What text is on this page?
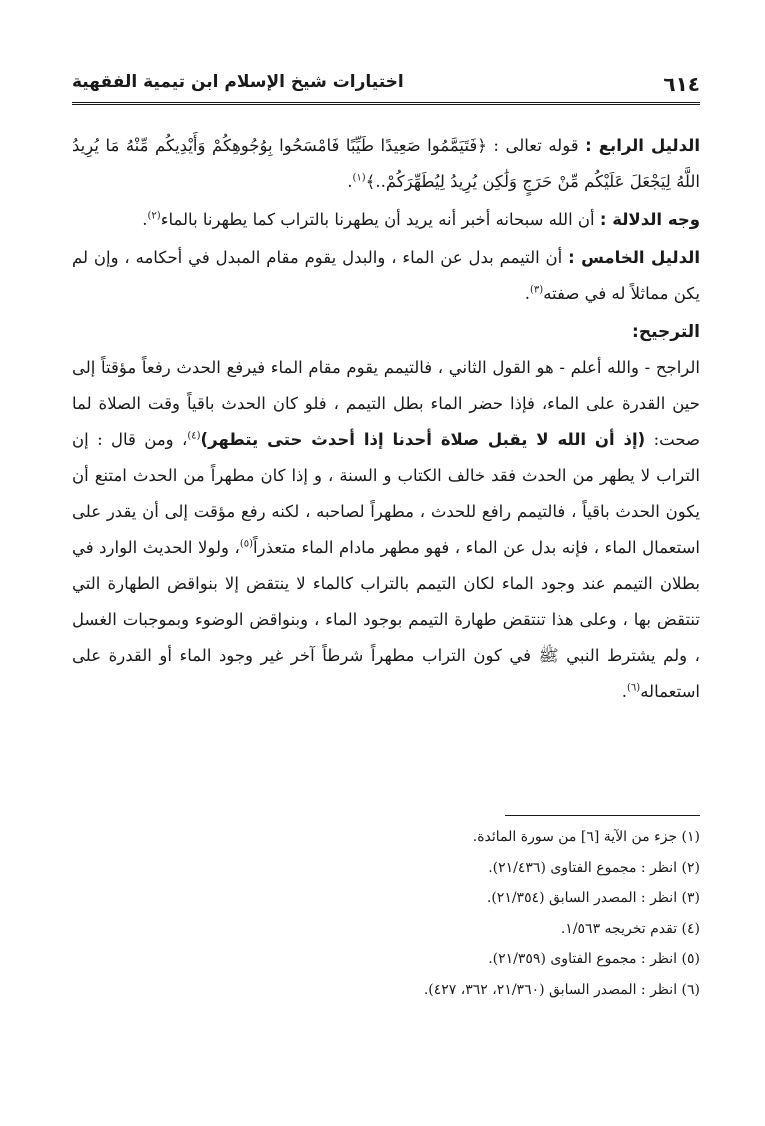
٦١٤
اختيارات شيخ الإسلام ابن تيمية الفقهية

الدليل الرابع : قوله تعالى : ﴿فَتَيَمَّمُوا صَعِيدًا طَيِّبًا فَامْسَحُوا بِوُجُوهِكُمْ وَأَيْدِيكُم مِّنْهُ مَا يُرِيدُ اللَّهُ لِيَجْعَلَ عَلَيْكُم مِّنْ حَرَجٍ وَلَٰكِن يُرِيدُ لِيُطَهِّرَكُمْ..﴾$^{(١)}$.

وجه الدلالة : أن الله سبحانه أخبر أنه يريد أن يطهرنا بالتراب كما يطهرنا بالماء$^{(٢)}$.

الدليل الخامس : أن التيمم بدل عن الماء ، والبدل يقوم مقام المبدل في أحكامه ، وإن لم يكن مماثلاً له في صفته$^{(٣)}$.

الترجيح:

الراجح - والله أعلم - هو القول الثاني ، فالتيمم يقوم مقام الماء فيرفع الحدث رفعاً مؤقتاً إلى حين القدرة على الماء، فإذا حضر الماء بطل التيمم ، فلو كان الحدث باقياً وقت الصلاة لما صحت: (إذ أن الله لا يقبل صلاة أحدنا إذا أحدث حتى يتطهر)$^{(٤)}$، ومن قال : إن التراب لا يطهر من الحدث فقد خالف الكتاب و السنة ، و إذا كان مطهراً من الحدث امتنع أن يكون الحدث باقياً ، فالتيمم رافع للحدث ، مطهراً لصاحبه ، لكنه رفع مؤقت إلى أن يقدر على استعمال الماء ، فإنه بدل عن الماء ، فهو مطهر مادام الماء متعذراً$^{(٥)}$، ولولا الحديث الوارد في بطلان التيمم عند وجود الماء لكان التيمم بالتراب كالماء لا ينتقض إلا بنواقض الطهارة التي تنتقض بها ، وعلى هذا تنتقض طهارة التيمم بوجود الماء ، وبنواقض الوضوء وبموجبات الغسل ، ولم يشترط النبي ﷺ في كون التراب مطهراً شرطاً آخر غير وجود الماء أو القدرة على استعماله$^{(٦)}$.

(١) جزء من الآية [٦] من سورة المائدة.
(٢) انظر : مجموع الفتاوى (٢١/٤٣٦).
(٣) انظر : المصدر السابق (٢١/٣٥٤).
(٤) تقدم تخريجه ١/٥٦٣.
(٥) انظر : مجموع الفتاوى (٢١/٣٥٩).
(٦) انظر : المصدر السابق (٢١/٣٦٠، ٣٦٢، ٤٢٧).
